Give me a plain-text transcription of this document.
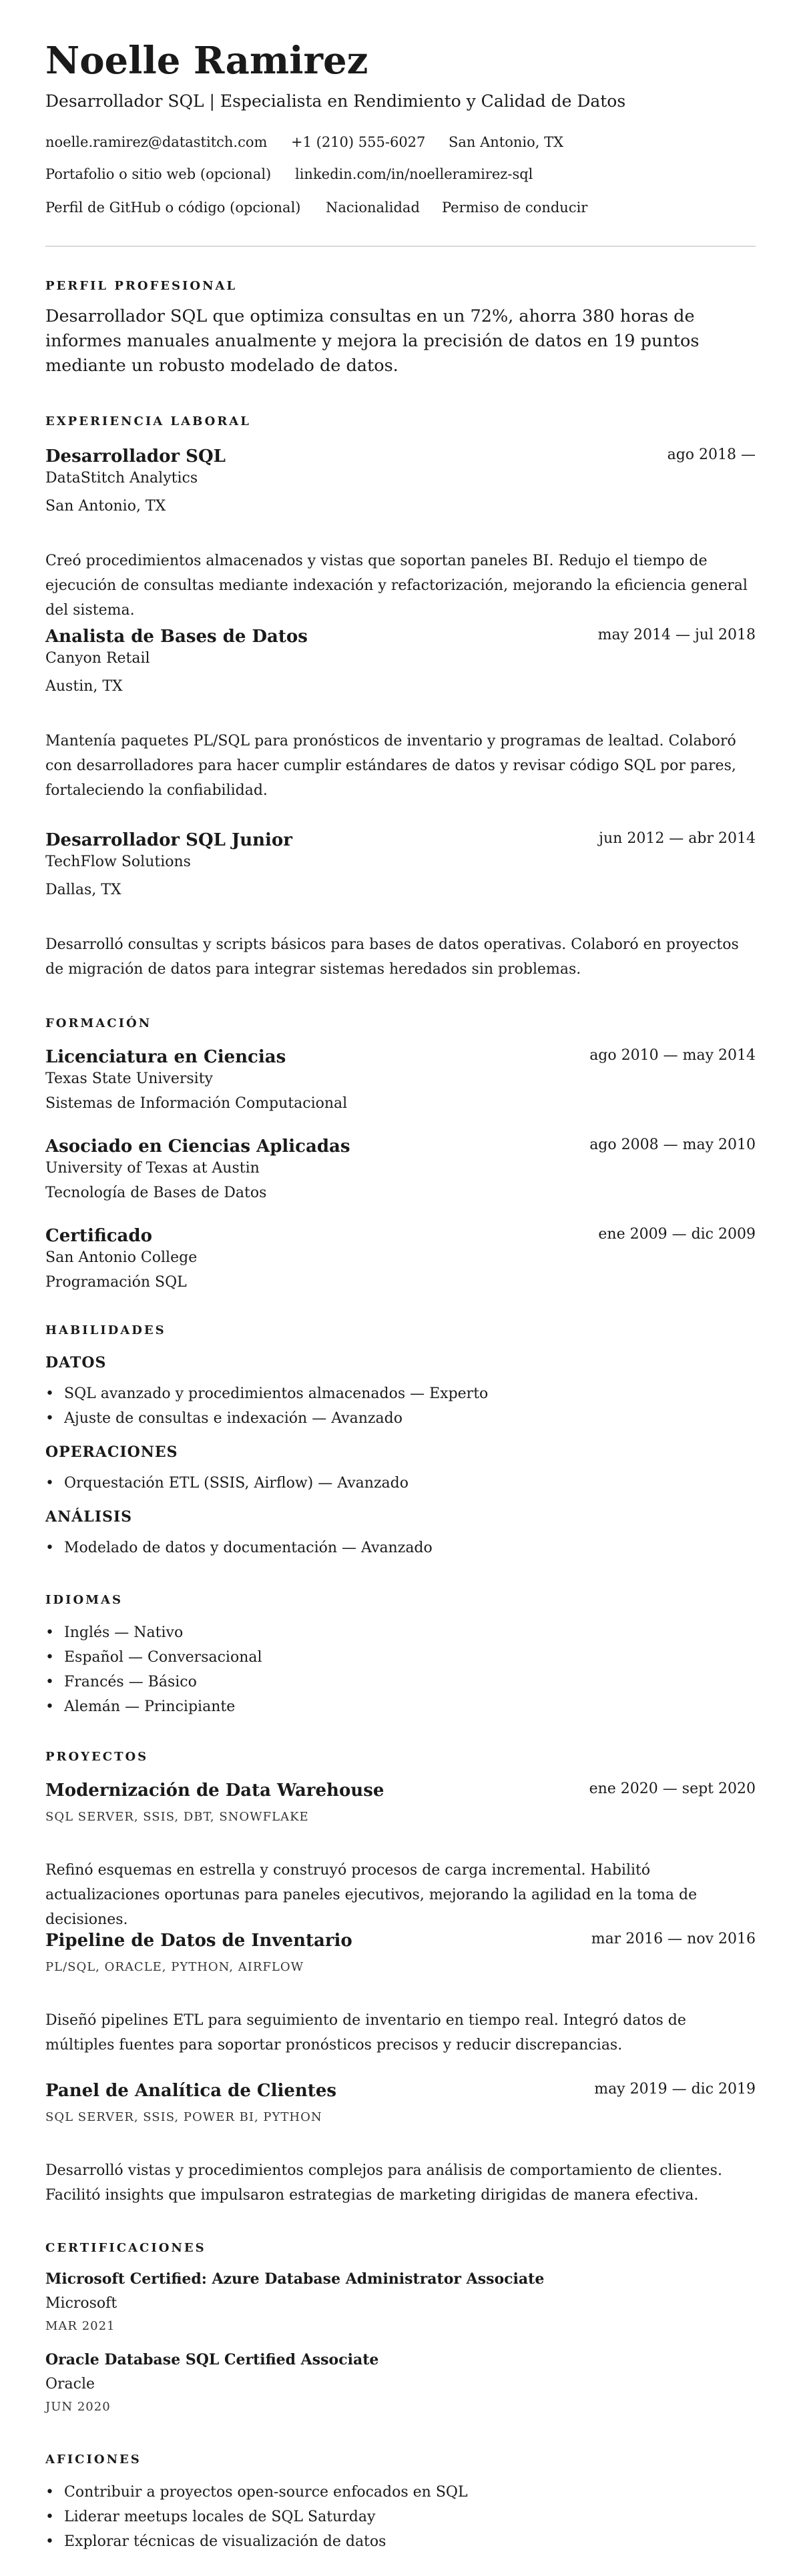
Noelle Ramirez
Desarrollador SQL | Especialista en Rendimiento y Calidad de Datos
noelle.ramirez@datastitch.com +1 (210) 555-6027 San Antonio, TX
Portafolio o sitio web (opcional) linkedin.com/in/noelleramirez-sql
Perfil de GitHub o código (opcional) Nacionalidad Permiso de conducir
PERFIL PROFESIONAL
Desarrollador SQL que optimiza consultas en un 72%, ahorra 380 horas de informes manuales anualmente y mejora la precisión de datos en 19 puntos mediante un robusto modelado de datos.
EXPERIENCIA LABORAL
Desarrollador SQL	ago 2018 —
DataStitch Analytics
San Antonio, TX
Creó procedimientos almacenados y vistas que soportan paneles BI. Redujo el tiempo de ejecución de consultas mediante indexación y refactorización, mejorando la eficiencia general del sistema.
Analista de Bases de Datos	may 2014 — jul 2018
Canyon Retail
Austin, TX
Mantenía paquetes PL/SQL para pronósticos de inventario y programas de lealtad. Colaboró con desarrolladores para hacer cumplir estándares de datos y revisar código SQL por pares, fortaleciendo la confiabilidad.
Desarrollador SQL Junior	jun 2012 — abr 2014
TechFlow Solutions
Dallas, TX
Desarrolló consultas y scripts básicos para bases de datos operativas. Colaboró en proyectos de migración de datos para integrar sistemas heredados sin problemas.
FORMACIÓN
Licenciatura en Ciencias	ago 2010 — may 2014
Texas State University
Sistemas de Información Computacional
Asociado en Ciencias Aplicadas	ago 2008 — may 2010
University of Texas at Austin
Tecnología de Bases de Datos
Certificado	ene 2009 — dic 2009
San Antonio College
Programación SQL
HABILIDADES
DATOS
• SQL avanzado y procedimientos almacenados — Experto
• Ajuste de consultas e indexación — Avanzado
OPERACIONES
• Orquestación ETL (SSIS, Airflow) — Avanzado
ANÁLISIS
• Modelado de datos y documentación — Avanzado
IDIOMAS
• Inglés — Nativo
• Español — Conversacional
• Francés — Básico
• Alemán — Principiante
PROYECTOS
Modernización de Data Warehouse	ene 2020 — sept 2020
SQL SERVER, SSIS, DBT, SNOWFLAKE
Refinó esquemas en estrella y construyó procesos de carga incremental. Habilitó actualizaciones oportunas para paneles ejecutivos, mejorando la agilidad en la toma de decisiones.
Pipeline de Datos de Inventario	mar 2016 — nov 2016
PL/SQL, ORACLE, PYTHON, AIRFLOW
Diseñó pipelines ETL para seguimiento de inventario en tiempo real. Integró datos de múltiples fuentes para soportar pronósticos precisos y reducir discrepancias.
Panel de Analítica de Clientes	may 2019 — dic 2019
SQL SERVER, SSIS, POWER BI, PYTHON
Desarrolló vistas y procedimientos complejos para análisis de comportamiento de clientes. Facilitó insights que impulsaron estrategias de marketing dirigidas de manera efectiva.
CERTIFICACIONES
Microsoft Certified: Azure Database Administrator Associate
Microsoft
MAR 2021
Oracle Database SQL Certified Associate
Oracle
JUN 2020
AFICIONES
• Contribuir a proyectos open-source enfocados en SQL
• Liderar meetups locales de SQL Saturday
• Explorar técnicas de visualización de datos
